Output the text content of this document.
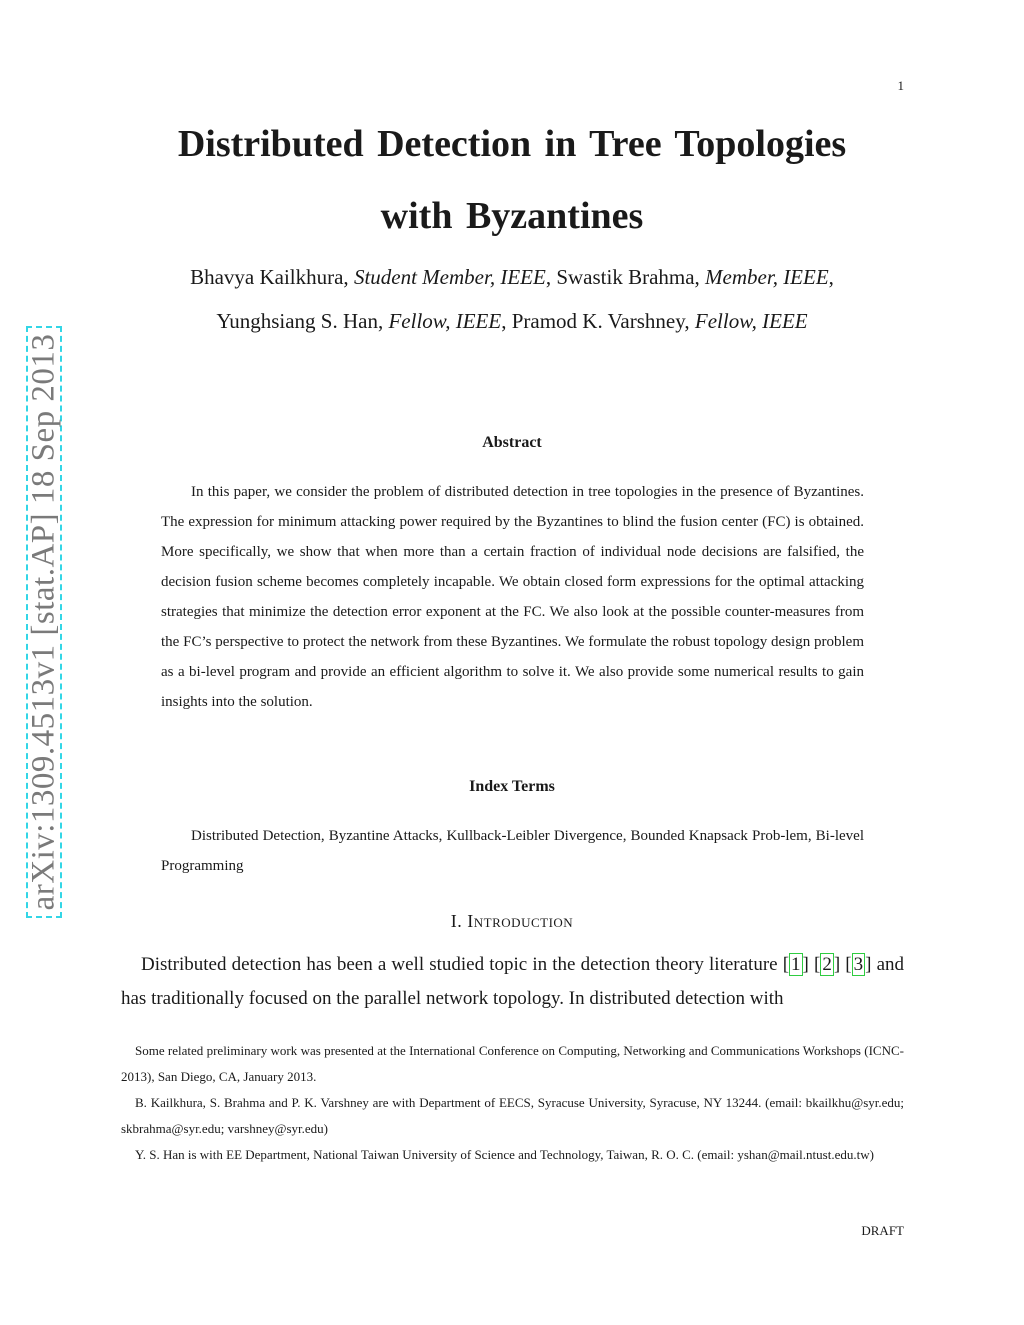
1
arXiv:1309.4513v1 [stat.AP] 18 Sep 2013
Distributed Detection in Tree Topologies
with Byzantines
Bhavya Kailkhura, Student Member, IEEE, Swastik Brahma, Member, IEEE,
Yunghsiang S. Han, Fellow, IEEE, Pramod K. Varshney, Fellow, IEEE
Abstract

In this paper, we consider the problem of distributed detection in tree topologies in the presence of Byzantines. The expression for minimum attacking power required by the Byzantines to blind the fusion center (FC) is obtained. More specifically, we show that when more than a certain fraction of individual node decisions are falsified, the decision fusion scheme becomes completely incapable. We obtain closed form expressions for the optimal attacking strategies that minimize the detection error exponent at the FC. We also look at the possible counter-measures from the FC’s perspective to protect the network from these Byzantines. We formulate the robust topology design problem as a bi-level program and provide an efficient algorithm to solve it. We also provide some numerical results to gain insights into the solution.

Index Terms

Distributed Detection, Byzantine Attacks, Kullback-Leibler Divergence, Bounded Knapsack Prob-lem, Bi-level Programming

I. Introduction

Distributed detection has been a well studied topic in the detection theory literature [ 1 ] [ 2 ] [ 3 ] and has traditionally focused on the parallel network topology. In distributed detection with

Some related preliminary work was presented at the International Conference on Computing, Networking and Communications Workshops (ICNC-2013), San Diego, CA, January 2013.

B. Kailkhura, S. Brahma and P. K. Varshney are with Department of EECS, Syracuse University, Syracuse, NY 13244. (email: bkailkhu@syr.edu; skbrahma@syr.edu; varshney@syr.edu)

Y. S. Han is with EE Department, National Taiwan University of Science and Technology, Taiwan, R. O. C. (email: yshan@mail.ntust.edu.tw)

DRAFT
